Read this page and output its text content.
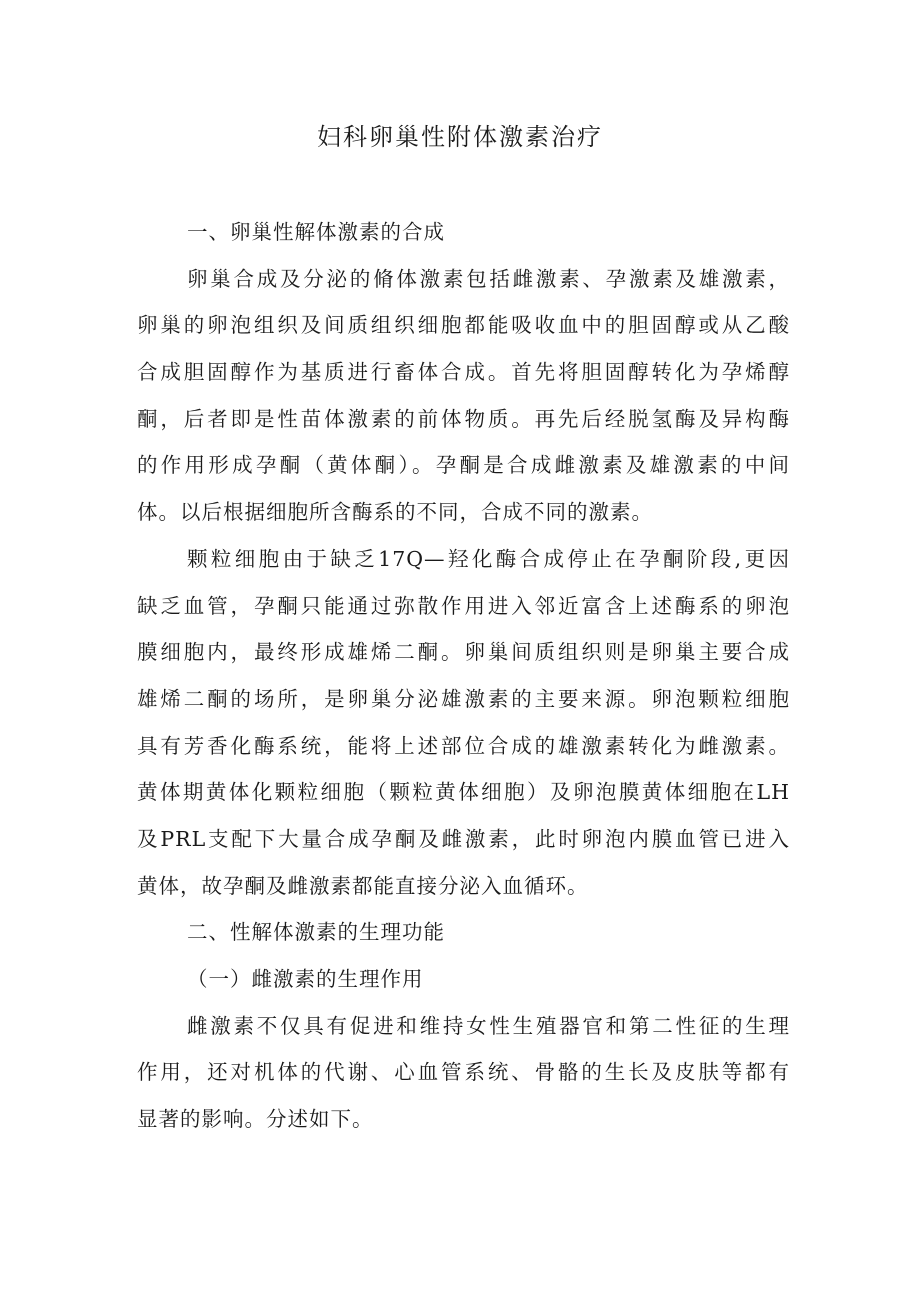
妇科卵巢性附体激素治疗
一、卵巢性解体激素的合成
卵巢合成及分泌的脩体激素包括雌激素、孕激素及雄激素，
卵巢的卵泡组织及间质组织细胞都能吸收血中的胆固醇或从乙酸
合成胆固醇作为基质进行畜体合成。首先将胆固醇转化为孕烯醇
酮，后者即是性苗体激素的前体物质。再先后经脱氢酶及异构酶
的作用形成孕酮（黄体酮）。孕酮是合成雌激素及雄激素的中间
体。以后根据细胞所含酶系的不同，合成不同的激素。
颗粒细胞由于缺乏17Q—羟化酶合成停止在孕酮阶段,更因
缺乏血管，孕酮只能通过弥散作用进入邻近富含上述酶系的卵泡
膜细胞内，最终形成雄烯二酮。卵巢间质组织则是卵巢主要合成
雄烯二酮的场所，是卵巢分泌雄激素的主要来源。卵泡颗粒细胞
具有芳香化酶系统，能将上述部位合成的雄激素转化为雌激素。
黄体期黄体化颗粒细胞（颗粒黄体细胞）及卵泡膜黄体细胞在LH
及PRL支配下大量合成孕酮及雌激素，此时卵泡内膜血管已进入
黄体，故孕酮及雌激素都能直接分泌入血循环。
二、性解体激素的生理功能
（一）雌激素的生理作用
雌激素不仅具有促进和维持女性生殖器官和第二性征的生理
作用，还对机体的代谢、心血管系统、骨骼的生长及皮肤等都有
显著的影响。分述如下。
